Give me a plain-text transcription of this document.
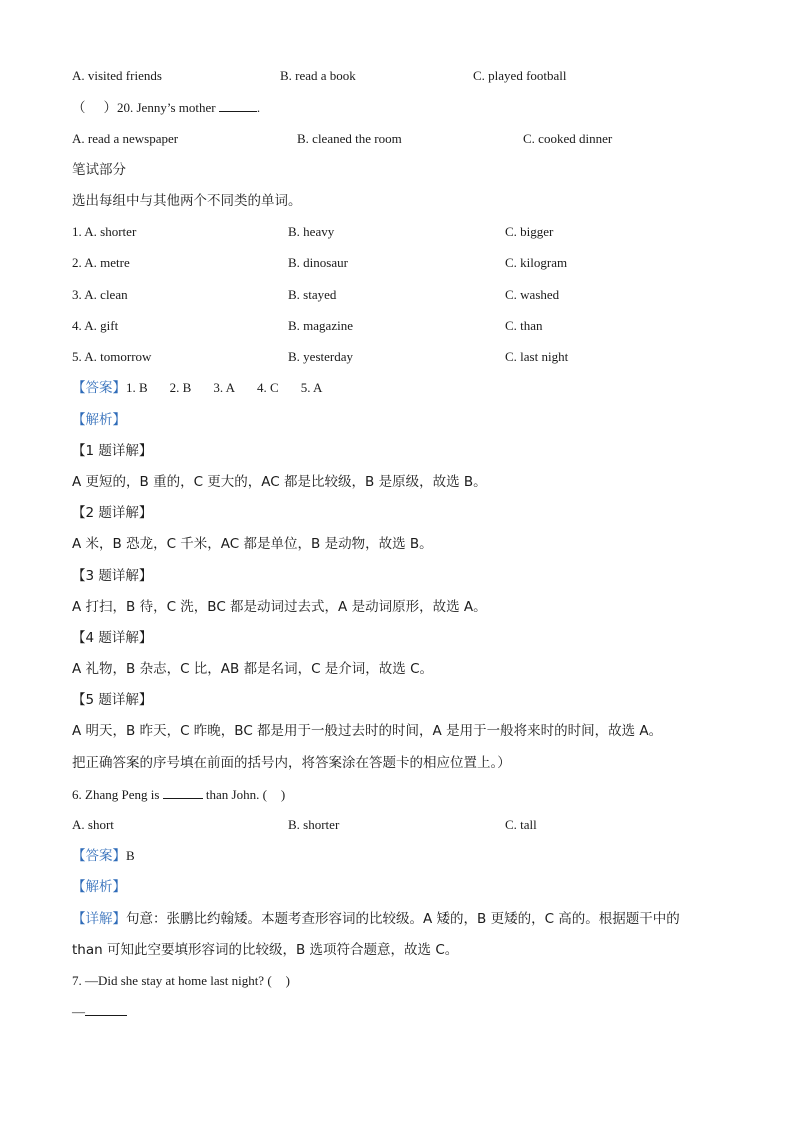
A. visited friends	B. read a book	C. played football
（ ）20. Jenny’s mother	.
A. read a newspaper	B. cleaned the room	C. cooked dinner
笔试部分
选出每组中与其他两个不同类的单词。
1. A. shorter	B. heavy	C. bigger
2. A. metre	B. dinosaur	C. kilogram
3. A. clean	B. stayed	C. washed
4. A. gift	B. magazine	C. than
5. A. tomorrow	B. yesterday	C. last night
【答案】1. B 2. B 3. A 4. C 5. A
【解析】
【1 题详解】
A 更短的，B 重的，C 更大的，AC 都是比较级，B 是原级，故选 B。
【2 题详解】
A 米，B 恐龙，C 千米，AC 都是单位，B 是动物，故选 B。
【3 题详解】
A 打扫，B 待，C 洗，BC 都是动词过去式，A 是动词原形，故选 A。
【4 题详解】
A 礼物，B 杂志，C 比，AB 都是名词，C 是介词，故选 C。
【5 题详解】
A 明天，B 昨天，C 昨晚，BC 都是用于一般过去时的时间，A 是用于一般将来时的时间，故选 A。
把正确答案的序号填在前面的括号内，将答案涂在答题卡的相应位置上。）
6. Zhang Peng is	than John. ( )
A. short	B. shorter	C. tall
【答案】B
【解析】
【详解】句意：张鹏比约翰矮。本题考查形容词的比较级。A 矮的，B 更矮的，C 高的。根据题干中的 than 可知此空要填形容词的比较级，B 选项符合题意，故选 C。
7. —Did she stay at home last night? ( )
—
